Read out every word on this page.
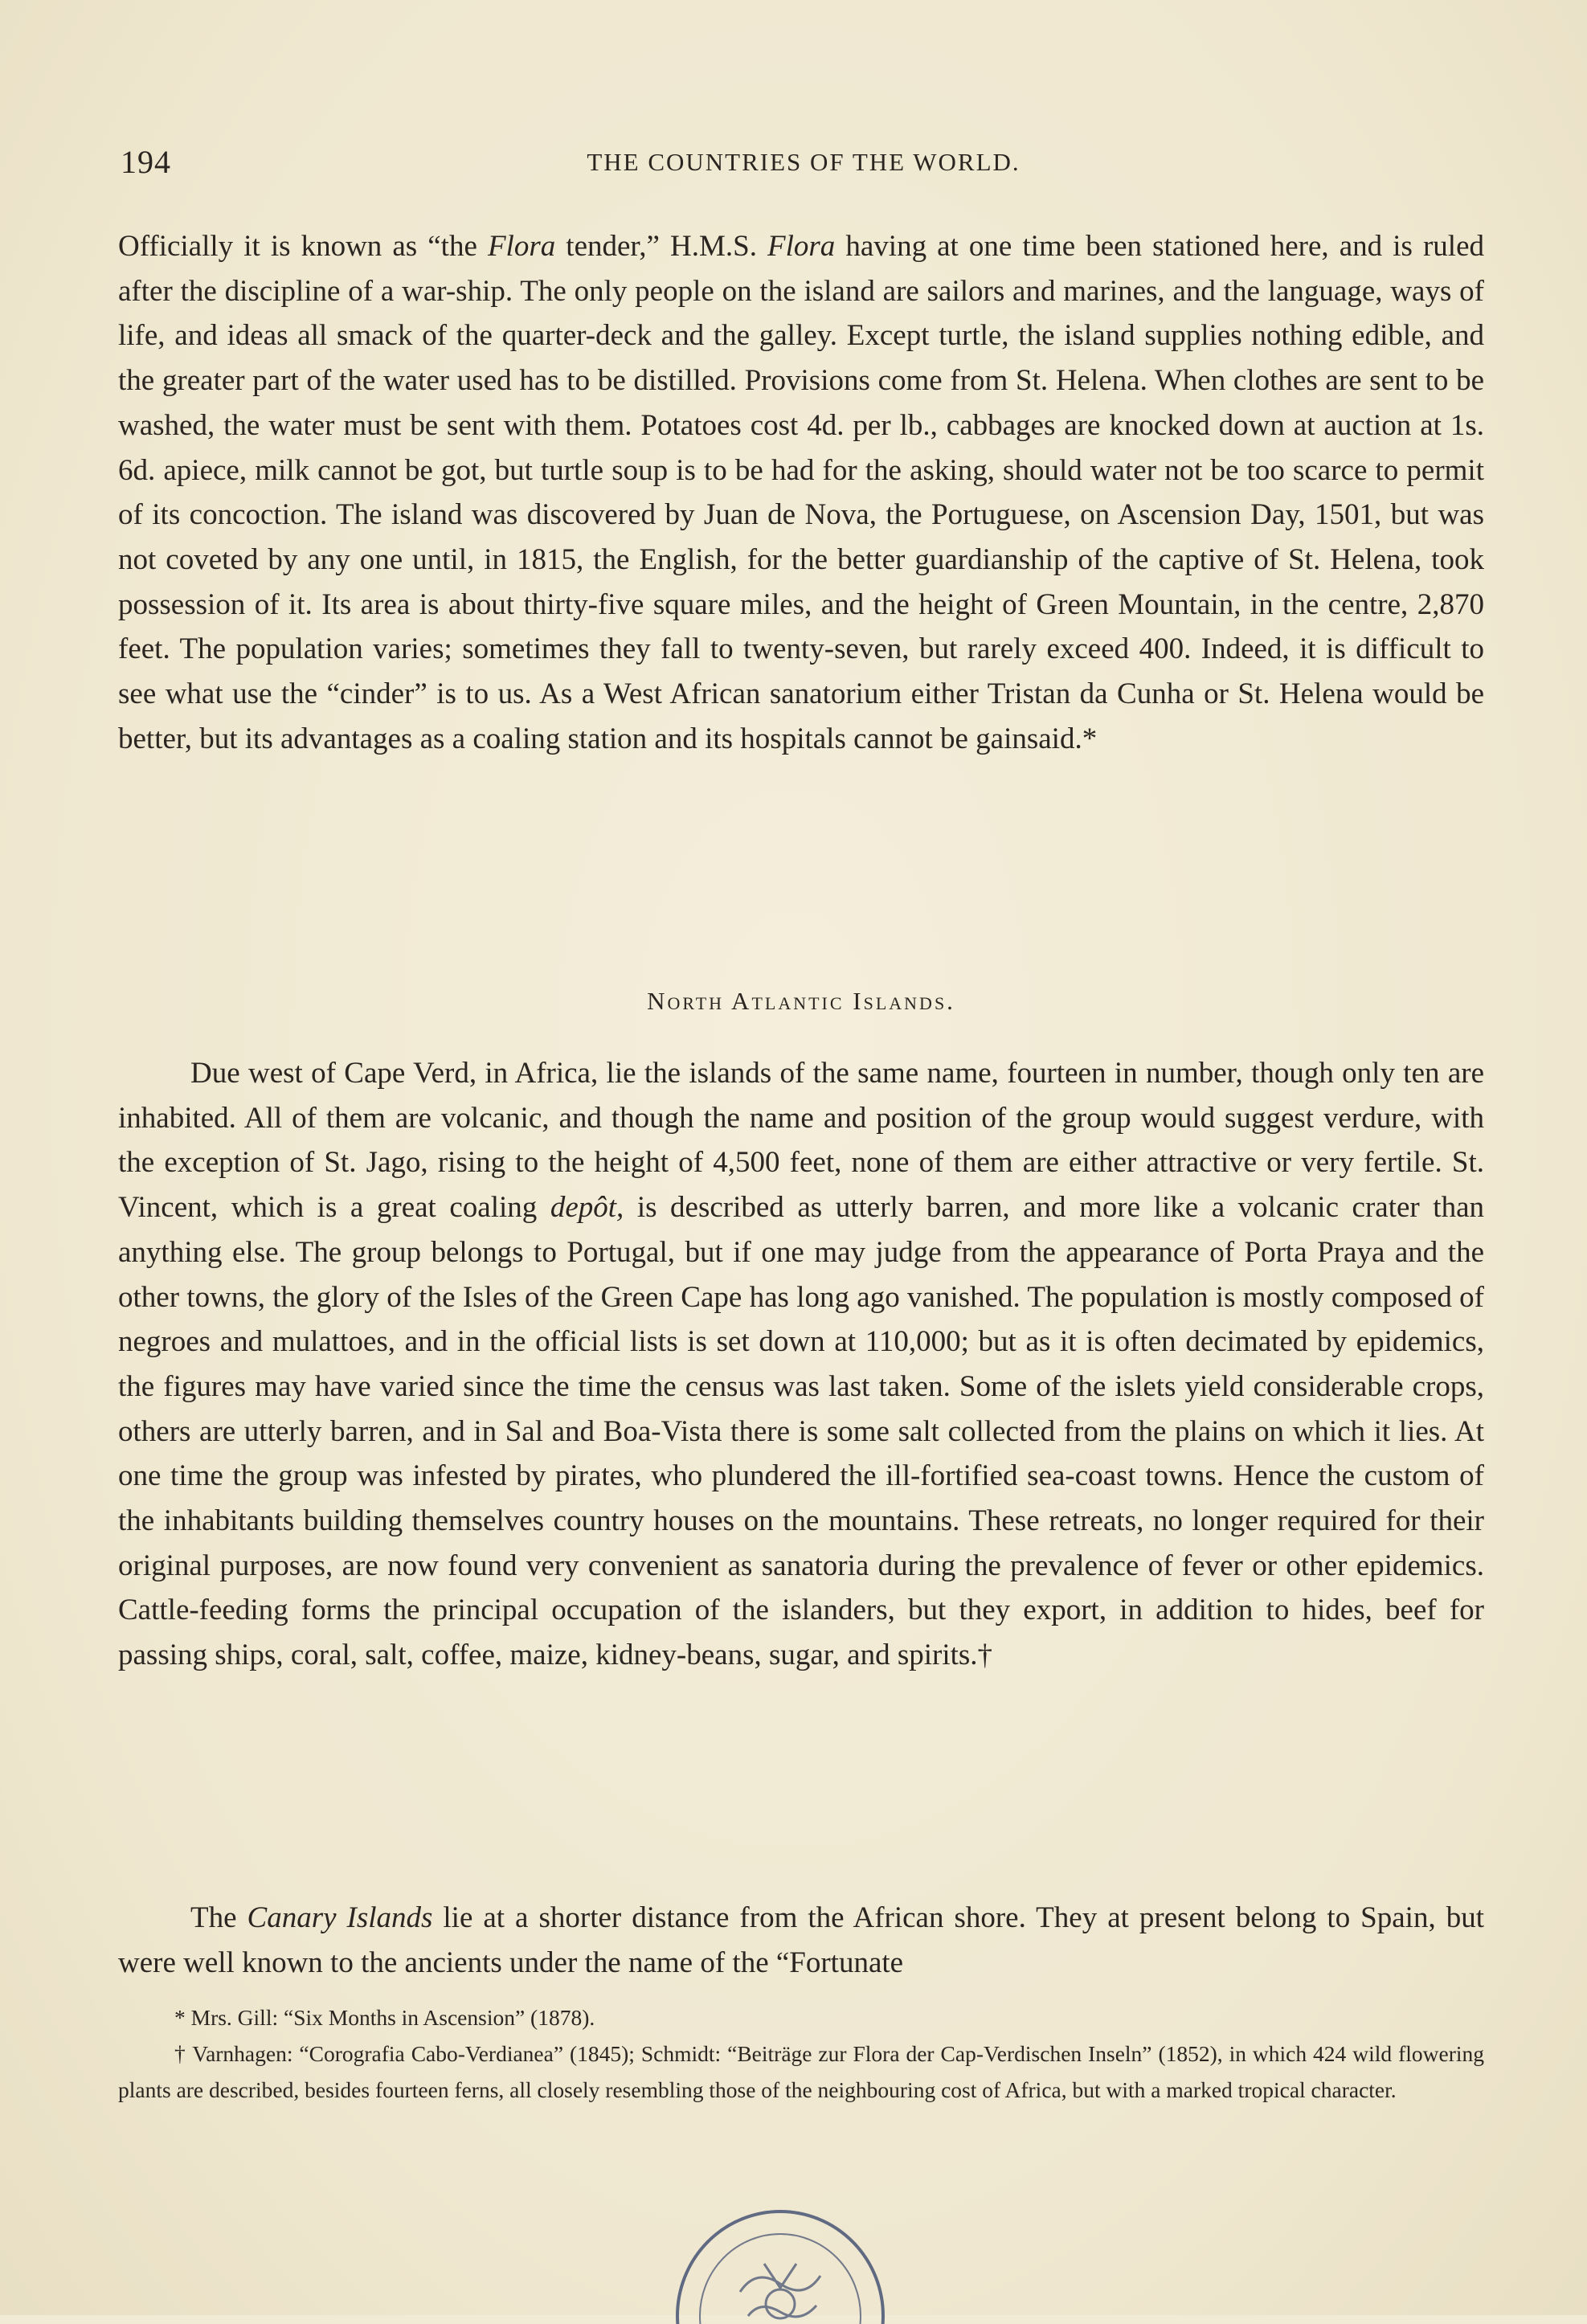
194	THE COUNTRIES OF THE WORLD.

Officially it is known as “the Flora tender,” H.M.S. Flora having at one time been stationed here, and is ruled after the discipline of a war-ship. The only people on the island are sailors and marines, and the language, ways of life, and ideas all smack of the quarter-deck and the galley. Except turtle, the island supplies nothing edible, and the greater part of the water used has to be distilled. Provisions come from St. Helena. When clothes are sent to be washed, the water must be sent with them. Potatoes cost 4d. per lb., cabbages are knocked down at auction at 1s. 6d. apiece, milk cannot be got, but turtle soup is to be had for the asking, should water not be too scarce to permit of its concoction. The island was discovered by Juan de Nova, the Portuguese, on Ascension Day, 1501, but was not coveted by any one until, in 1815, the English, for the better guardianship of the captive of St. Helena, took possession of it. Its area is about thirty-five square miles, and the height of Green Mountain, in the centre, 2,870 feet. The population varies; sometimes they fall to twenty-seven, but rarely exceed 400. Indeed, it is difficult to see what use the “cinder” is to us. As a West African sanatorium either Tristan da Cunha or St. Helena would be better, but its advantages as a coaling station and its hospitals cannot be gainsaid.*

North Atlantic Islands.

Due west of Cape Verd, in Africa, lie the islands of the same name, fourteen in number, though only ten are inhabited. All of them are volcanic, and though the name and position of the group would suggest verdure, with the exception of St. Jago, rising to the height of 4,500 feet, none of them are either attractive or very fertile. St. Vincent, which is a great coaling depôt, is described as utterly barren, and more like a volcanic crater than anything else. The group belongs to Portugal, but if one may judge from the appearance of Porta Praya and the other towns, the glory of the Isles of the Green Cape has long ago vanished. The population is mostly composed of negroes and mulattoes, and in the official lists is set down at 110,000; but as it is often decimated by epidemics, the figures may have varied since the time the census was last taken. Some of the islets yield considerable crops, others are utterly barren, and in Sal and Boa-Vista there is some salt collected from the plains on which it lies. At one time the group was infested by pirates, who plundered the ill-fortified sea-coast towns. Hence the custom of the inhabitants building themselves country houses on the mountains. These retreats, no longer required for their original purposes, are now found very convenient as sanatoria during the prevalence of fever or other epidemics. Cattle-feeding forms the principal occupation of the islanders, but they export, in addition to hides, beef for passing ships, coral, salt, coffee, maize, kidney-beans, sugar, and spirits.†

The Canary Islands lie at a shorter distance from the African shore. They at present belong to Spain, but were well known to the ancients under the name of the “Fortunate

* Mrs. Gill: “Six Months in Ascension” (1878).

† Varnhagen: “Corografia Cabo-Verdianea” (1845); Schmidt: “Beiträge zur Flora der Cap-Verdischen Inseln” (1852), in which 424 wild flowering plants are described, besides fourteen ferns, all closely resembling those of the neighbouring cost of Africa, but with a marked tropical character.
